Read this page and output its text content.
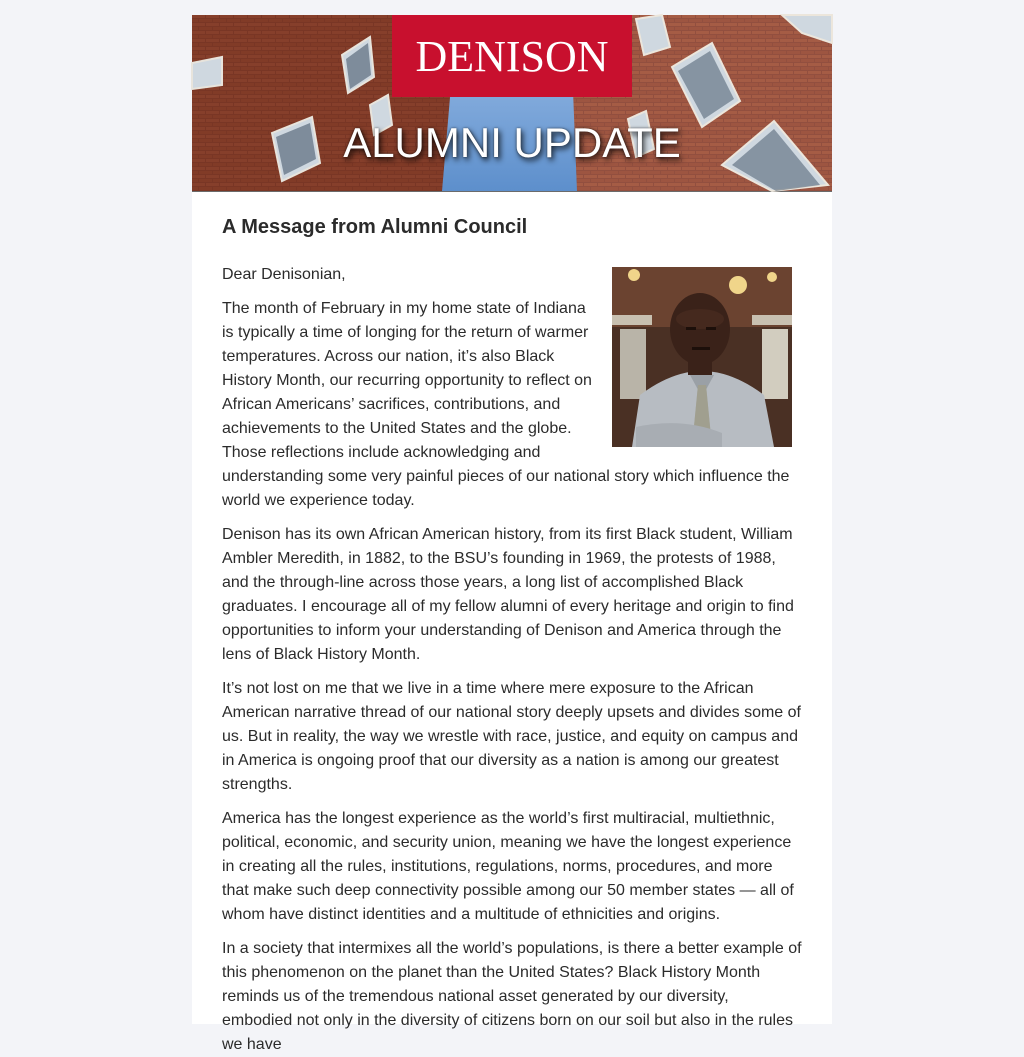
DENISON
ALUMNI UPDATE
A Message from Alumni Council

Dear Denisonian,

The month of February in my home state of Indiana is typically a time of longing for the return of warmer temperatures. Across our nation, it’s also Black History Month, our recurring opportunity to reflect on African Americans’ sacrifices, contributions, and achievements to the United States and the globe. Those reflections include acknowledging and understanding some very painful pieces of our national story which influence the world we experience today.

Denison has its own African American history, from its first Black student, William Ambler Meredith, in 1882, to the BSU’s founding in 1969, the protests of 1988, and the through-line across those years, a long list of accomplished Black graduates. I encourage all of my fellow alumni of every heritage and origin to find opportunities to inform your understanding of Denison and America through the lens of Black History Month.

It’s not lost on me that we live in a time where mere exposure to the African American narrative thread of our national story deeply upsets and divides some of us. But in reality, the way we wrestle with race, justice, and equity on campus and in America is ongoing proof that our diversity as a nation is among our greatest strengths.

America has the longest experience as the world’s first multiracial, multiethnic, political, economic, and security union, meaning we have the longest experience in creating all the rules, institutions, regulations, norms, procedures, and more that make such deep connectivity possible among our 50 member states — all of whom have distinct identities and a multitude of ethnicities and origins.

In a society that intermixes all the world’s populations, is there a better example of this phenomenon on the planet than the United States? Black History Month reminds us of the tremendous national asset generated by our diversity, embodied not only in the diversity of citizens born on our soil but also in the rules we have
